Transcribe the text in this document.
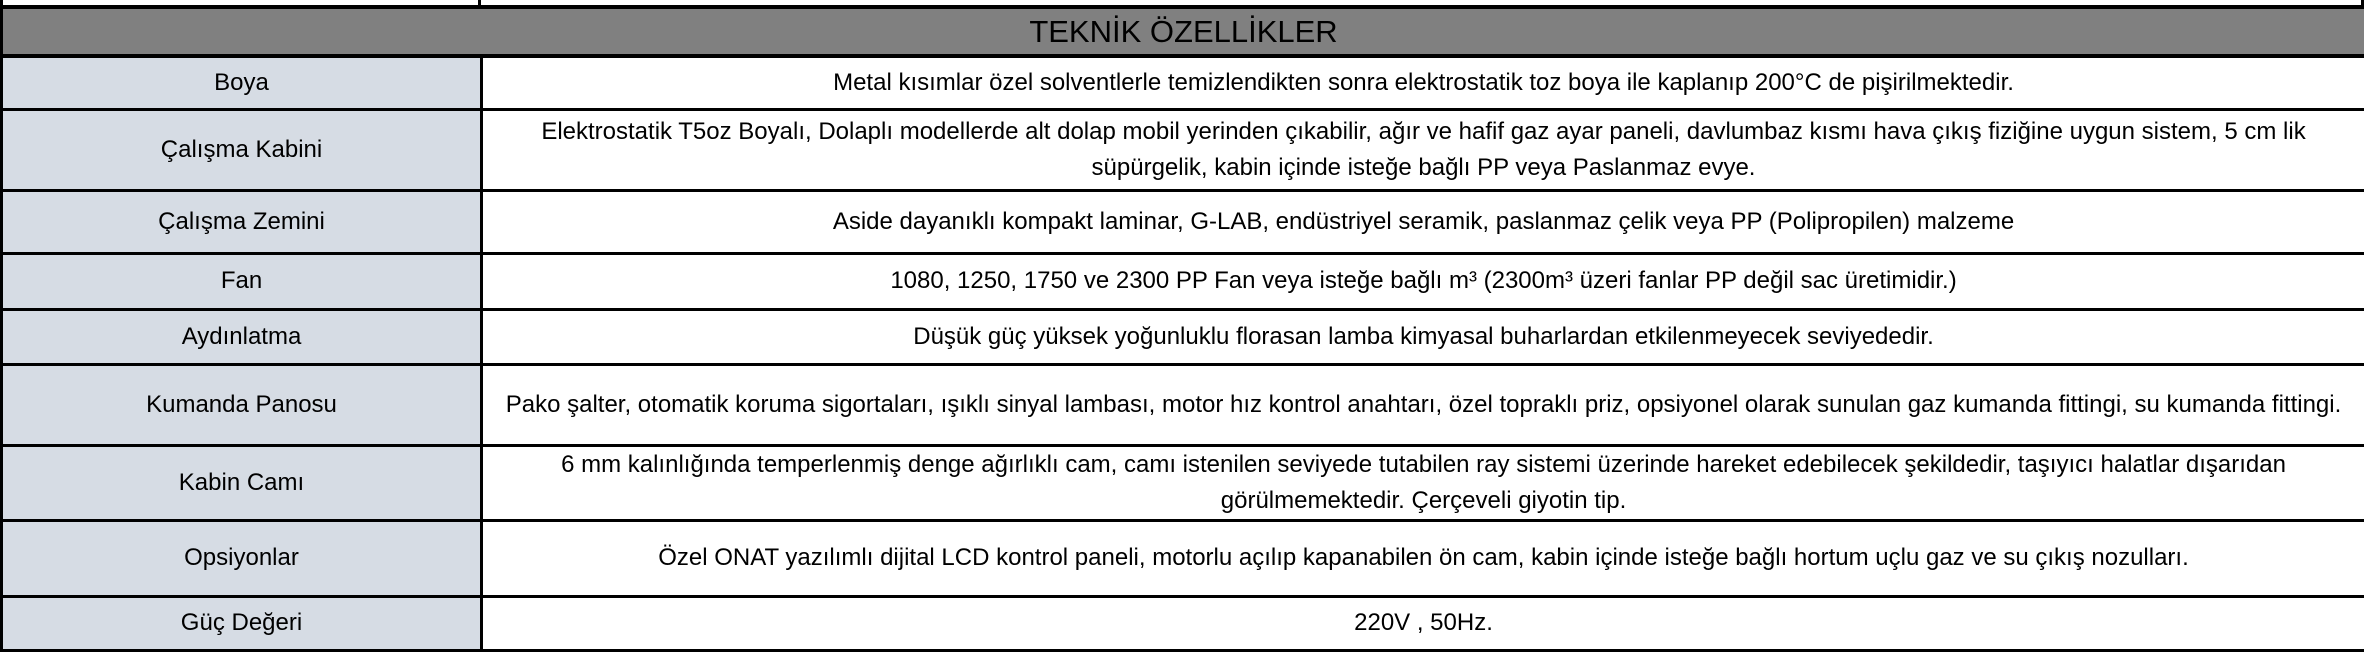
TEKNİK ÖZELLİKLER	
Boya	Metal kısımlar özel solventlerle temizlendikten sonra elektrostatik toz boya ile kaplanıp 200°C de pişirilmektedir.
Çalışma Kabini	Elektrostatik T5oz Boyalı, Dolaplı modellerde alt dolap mobil yerinden çıkabilir, ağır ve hafif gaz ayar paneli, davlumbaz kısmı hava çıkış fiziğine uygun sistem, 5 cm lik süpürgelik, kabin içinde isteğe bağlı PP veya Paslanmaz evye.
Çalışma Zemini	Aside dayanıklı kompakt laminar, G-LAB, endüstriyel seramik, paslanmaz çelik veya PP (Polipropilen) malzeme
Fan	1080, 1250, 1750 ve 2300 PP Fan veya isteğe bağlı m³ (2300m³ üzeri fanlar PP değil sac üretimidir.)
Aydınlatma	Düşük güç yüksek yoğunluklu florasan lamba kimyasal buharlardan etkilenmeyecek seviyededir.
Kumanda Panosu	Pako şalter, otomatik koruma sigortaları, ışıklı sinyal lambası, motor hız kontrol anahtarı, özel topraklı priz, opsiyonel olarak sunulan gaz kumanda fittingi, su kumanda fittingi.
Kabin Camı	6 mm kalınlığında temperlenmiş denge ağırlıklı cam, camı istenilen seviyede tutabilen ray sistemi üzerinde hareket edebilecek şekildedir, taşıyıcı halatlar dışarıdan görülmemektedir. Çerçeveli giyotin tip.
Opsiyonlar	Özel ONAT yazılımlı dijital LCD kontrol paneli, motorlu açılıp kapanabilen ön cam, kabin içinde isteğe bağlı hortum uçlu gaz ve su çıkış nozulları.
Güç Değeri	220V , 50Hz.
